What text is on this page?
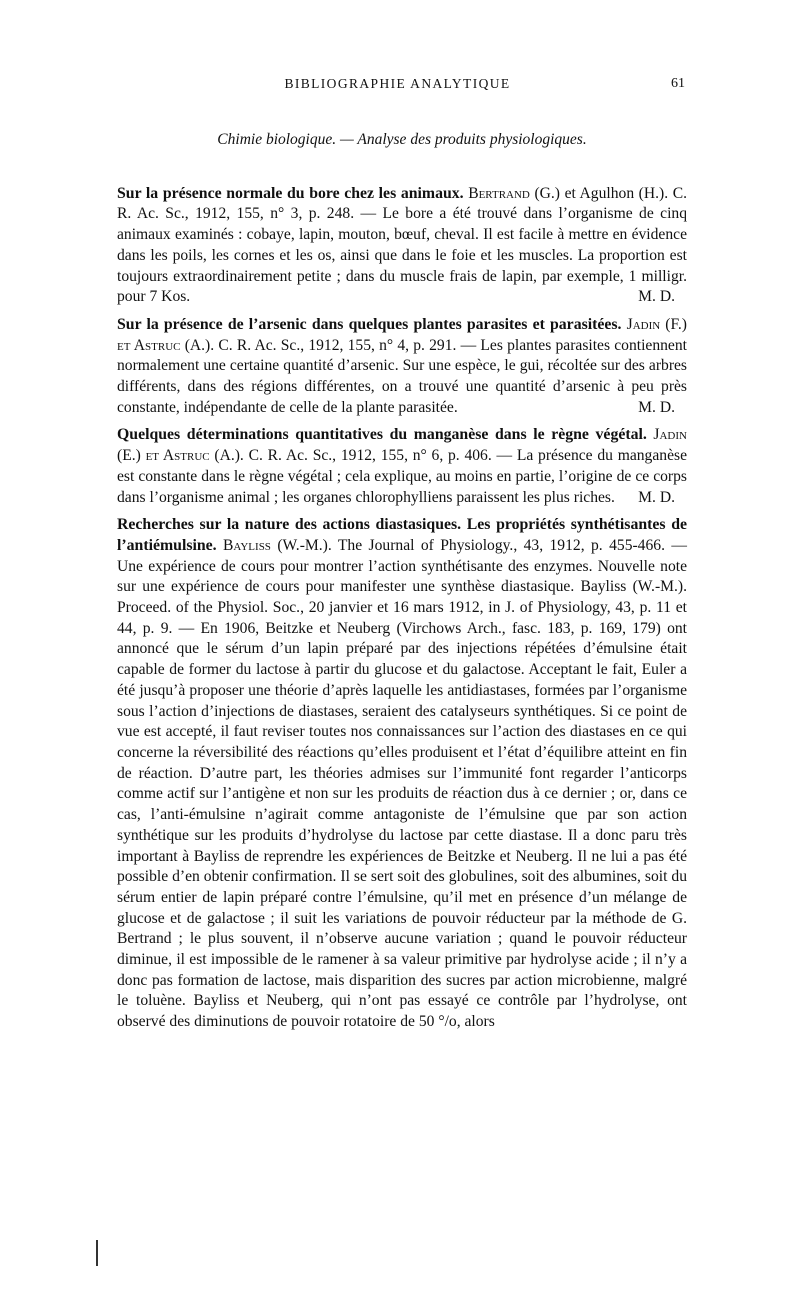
BIBLIOGRAPHIE ANALYTIQUE	61
Chimie biologique. — Analyse des produits physiologiques.

Sur la présence normale du bore chez les animaux. Bertrand (G.) et Agulhon (H.). C. R. Ac. Sc., 1912, 155, n° 3, p. 248. — Le bore a été trouvé dans l’organisme de cinq animaux examinés : cobaye, lapin, mouton, bœuf, cheval. Il est facile à mettre en évidence dans les poils, les cornes et les os, ainsi que dans le foie et les muscles. La proportion est toujours extraordinairement petite ; dans du muscle frais de lapin, par exemple, 1 milligr. pour 7 Kos.	M. D.

Sur la présence de l’arsenic dans quelques plantes parasites et parasitées. Jadin (F.) et Astruc (A.). C. R. Ac. Sc., 1912, 155, n° 4, p. 291. — Les plantes parasites contiennent normalement une certaine quantité d’arsenic. Sur une espèce, le gui, récoltée sur des arbres différents, dans des régions différentes, on a trouvé une quantité d’arsenic à peu près constante, indépendante de celle de la plante parasitée.	M. D.

Quelques déterminations quantitatives du manganèse dans le règne végétal. Jadin (E.) et Astruc (A.). C. R. Ac. Sc., 1912, 155, n° 6, p. 406. — La présence du manganèse est constante dans le règne végétal ; cela explique, au moins en partie, l’origine de ce corps dans l’organisme animal ; les organes chlorophylliens paraissent les plus riches. M. D.

Recherches sur la nature des actions diastasiques. Les propriétés synthétisantes de l’antiémulsine. Bayliss (W.-M.). The Journal of Physiology., 43, 1912, p. 455-466. — Une expérience de cours pour montrer l’action synthétisante des enzymes. Nouvelle note sur une expérience de cours pour manifester une synthèse diastasique. Bayliss (W.-M.). Proceed. of the Physiol. Soc., 20 janvier et 16 mars 1912, in J. of Physiology, 43, p. 11 et 44, p. 9. — En 1906, Beitzke et Neuberg (Virchows Arch., fasc. 183, p. 169, 179) ont annoncé que le sérum d’un lapin préparé par des injections répétées d’émulsine était capable de former du lactose à partir du glucose et du galactose. Acceptant le fait, Euler a été jusqu’à proposer une théorie d’après laquelle les antidiastases, formées par l’organisme sous l’action d’injections de diastases, seraient des catalyseurs synthétiques. Si ce point de vue est accepté, il faut reviser toutes nos connaissances sur l’action des diastases en ce qui concerne la réversibilité des réactions qu’elles produisent et l’état d’équilibre atteint en fin de réaction. D’autre part, les théories admises sur l’immunité font regarder l’anticorps comme actif sur l’antigène et non sur les produits de réaction dus à ce dernier ; or, dans ce cas, l’anti-émulsine n’agirait comme antagoniste de l’émulsine que par son action synthétique sur les produits d’hydrolyse du lactose par cette diastase. Il a donc paru très important à Bayliss de reprendre les expériences de Beitzke et Neuberg. Il ne lui a pas été possible d’en obtenir confirmation. Il se sert soit des globulines, soit des albumines, soit du sérum entier de lapin préparé contre l’émulsine, qu’il met en présence d’un mélange de glucose et de galactose ; il suit les variations de pouvoir réducteur par la méthode de G. Bertrand ; le plus souvent, il n’observe aucune variation ; quand le pouvoir réducteur diminue, il est impossible de le ramener à sa valeur primitive par hydrolyse acide ; il n’y a donc pas formation de lactose, mais disparition des sucres par action microbienne, malgré le toluène. Bayliss et Neuberg, qui n’ont pas essayé ce contrôle par l’hydrolyse, ont observé des diminutions de pouvoir rotatoire de 50 °/o, alors
